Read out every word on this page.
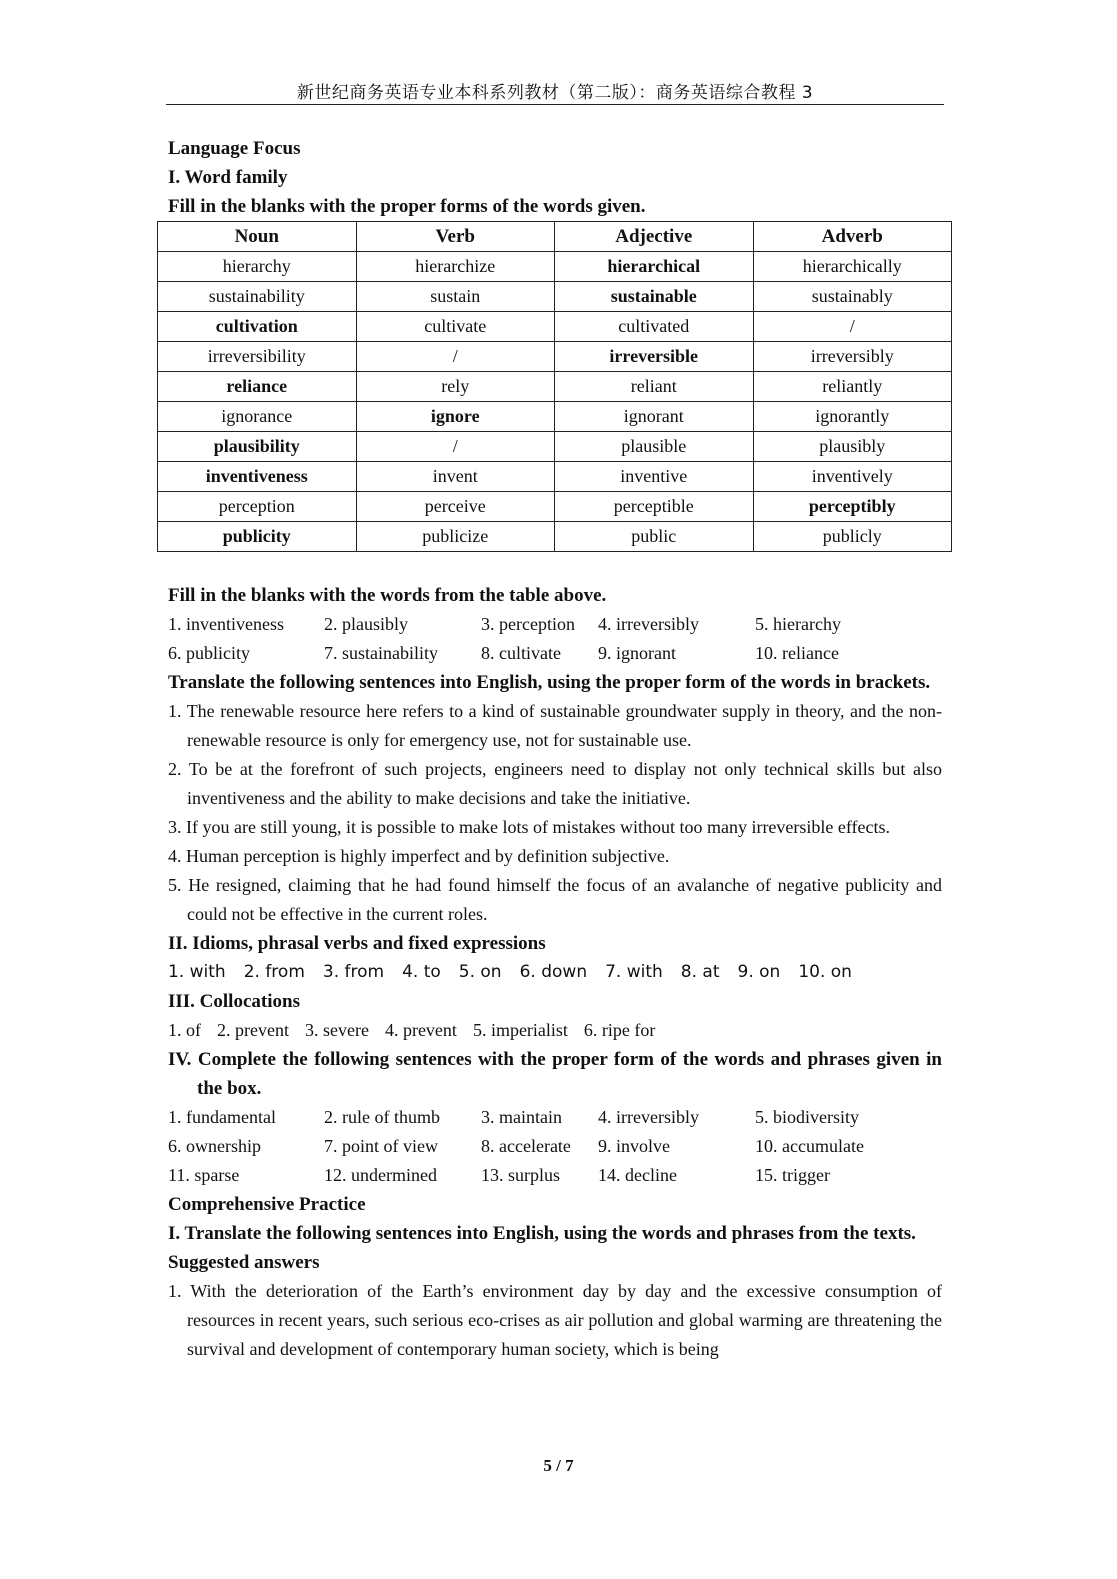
新世纪商务英语专业本科系列教材（第二版）：商务英语综合教程 3
Language Focus
I. Word family
Fill in the blanks with the proper forms of the words given.
Noun	Verb	Adjective	Adverb
hierarchy	hierarchize	hierarchical	hierarchically
sustainability	sustain	sustainable	sustainably
cultivation	cultivate	cultivated	/
irreversibility	/	irreversible	irreversibly
reliance	rely	reliant	reliantly
ignorance	ignore	ignorant	ignorantly
plausibility	/	plausible	plausibly
inventiveness	invent	inventive	inventively
perception	perceive	perceptible	perceptibly
publicity	publicize	public	publicly
Fill in the blanks with the words from the table above.
1. inventiveness	2. plausibly	3. perception	4. irreversibly	5. hierarchy
6. publicity	7. sustainability	8. cultivate	9. ignorant	10. reliance
Translate the following sentences into English, using the proper form of the words in brackets.
1. The renewable resource here refers to a kind of sustainable groundwater supply in theory, and the non-renewable resource is only for emergency use, not for sustainable use.
2. To be at the forefront of such projects, engineers need to display not only technical skills but also inventiveness and the ability to make decisions and take the initiative.
3. If you are still young, it is possible to make lots of mistakes without too many irreversible effects.
4. Human perception is highly imperfect and by definition subjective.
5. He resigned, claiming that he had found himself the focus of an avalanche of negative publicity and could not be effective in the current roles.
II. Idioms, phrasal verbs and fixed expressions
1. with 2. from 3. from 4. to 5. on 6. down 7. with 8. at 9. on 10. on
III. Collocations
1. of 2. prevent 3. severe 4. prevent 5. imperialist 6. ripe for
IV. Complete the following sentences with the proper form of the words and phrases given in the box.
1. fundamental	2. rule of thumb	3. maintain	4. irreversibly	5. biodiversity
6. ownership	7. point of view	8. accelerate	9. involve	10. accumulate
11. sparse	12. undermined	13. surplus	14. decline	15. trigger
Comprehensive Practice
I. Translate the following sentences into English, using the words and phrases from the texts.
Suggested answers
1. With the deterioration of the Earth’s environment day by day and the excessive consumption of resources in recent years, such serious eco-crises as air pollution and global warming are threatening the survival and development of contemporary human society, which is being
5 / 7
